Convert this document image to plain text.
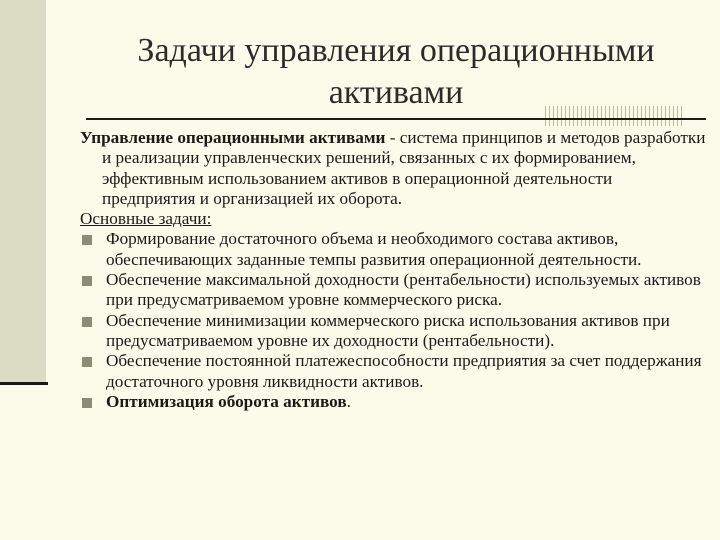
Задачи управления операционными
активами
Управление операционными активами - система принципов и методов разработки и реализации управленческих решений, связанных с их формированием, эффективным использованием активов в операционной деятельности предприятия и организацией их оборота.
Основные задачи:
Формирование достаточного объема и необходимого состава активов, обеспечивающих заданные темпы развития операционной деятельности.
Обеспечение максимальной доходности (рентабельности) используемых активов при предусматриваемом уровне коммерческого риска.
Обеспечение минимизации коммерческого риска использования активов при предусматриваемом уровне их доходности (рентабельности).
Обеспечение постоянной платежеспособности предприятия за счет поддержания достаточного уровня ликвидности активов.
Оптимизация оборота активов.
